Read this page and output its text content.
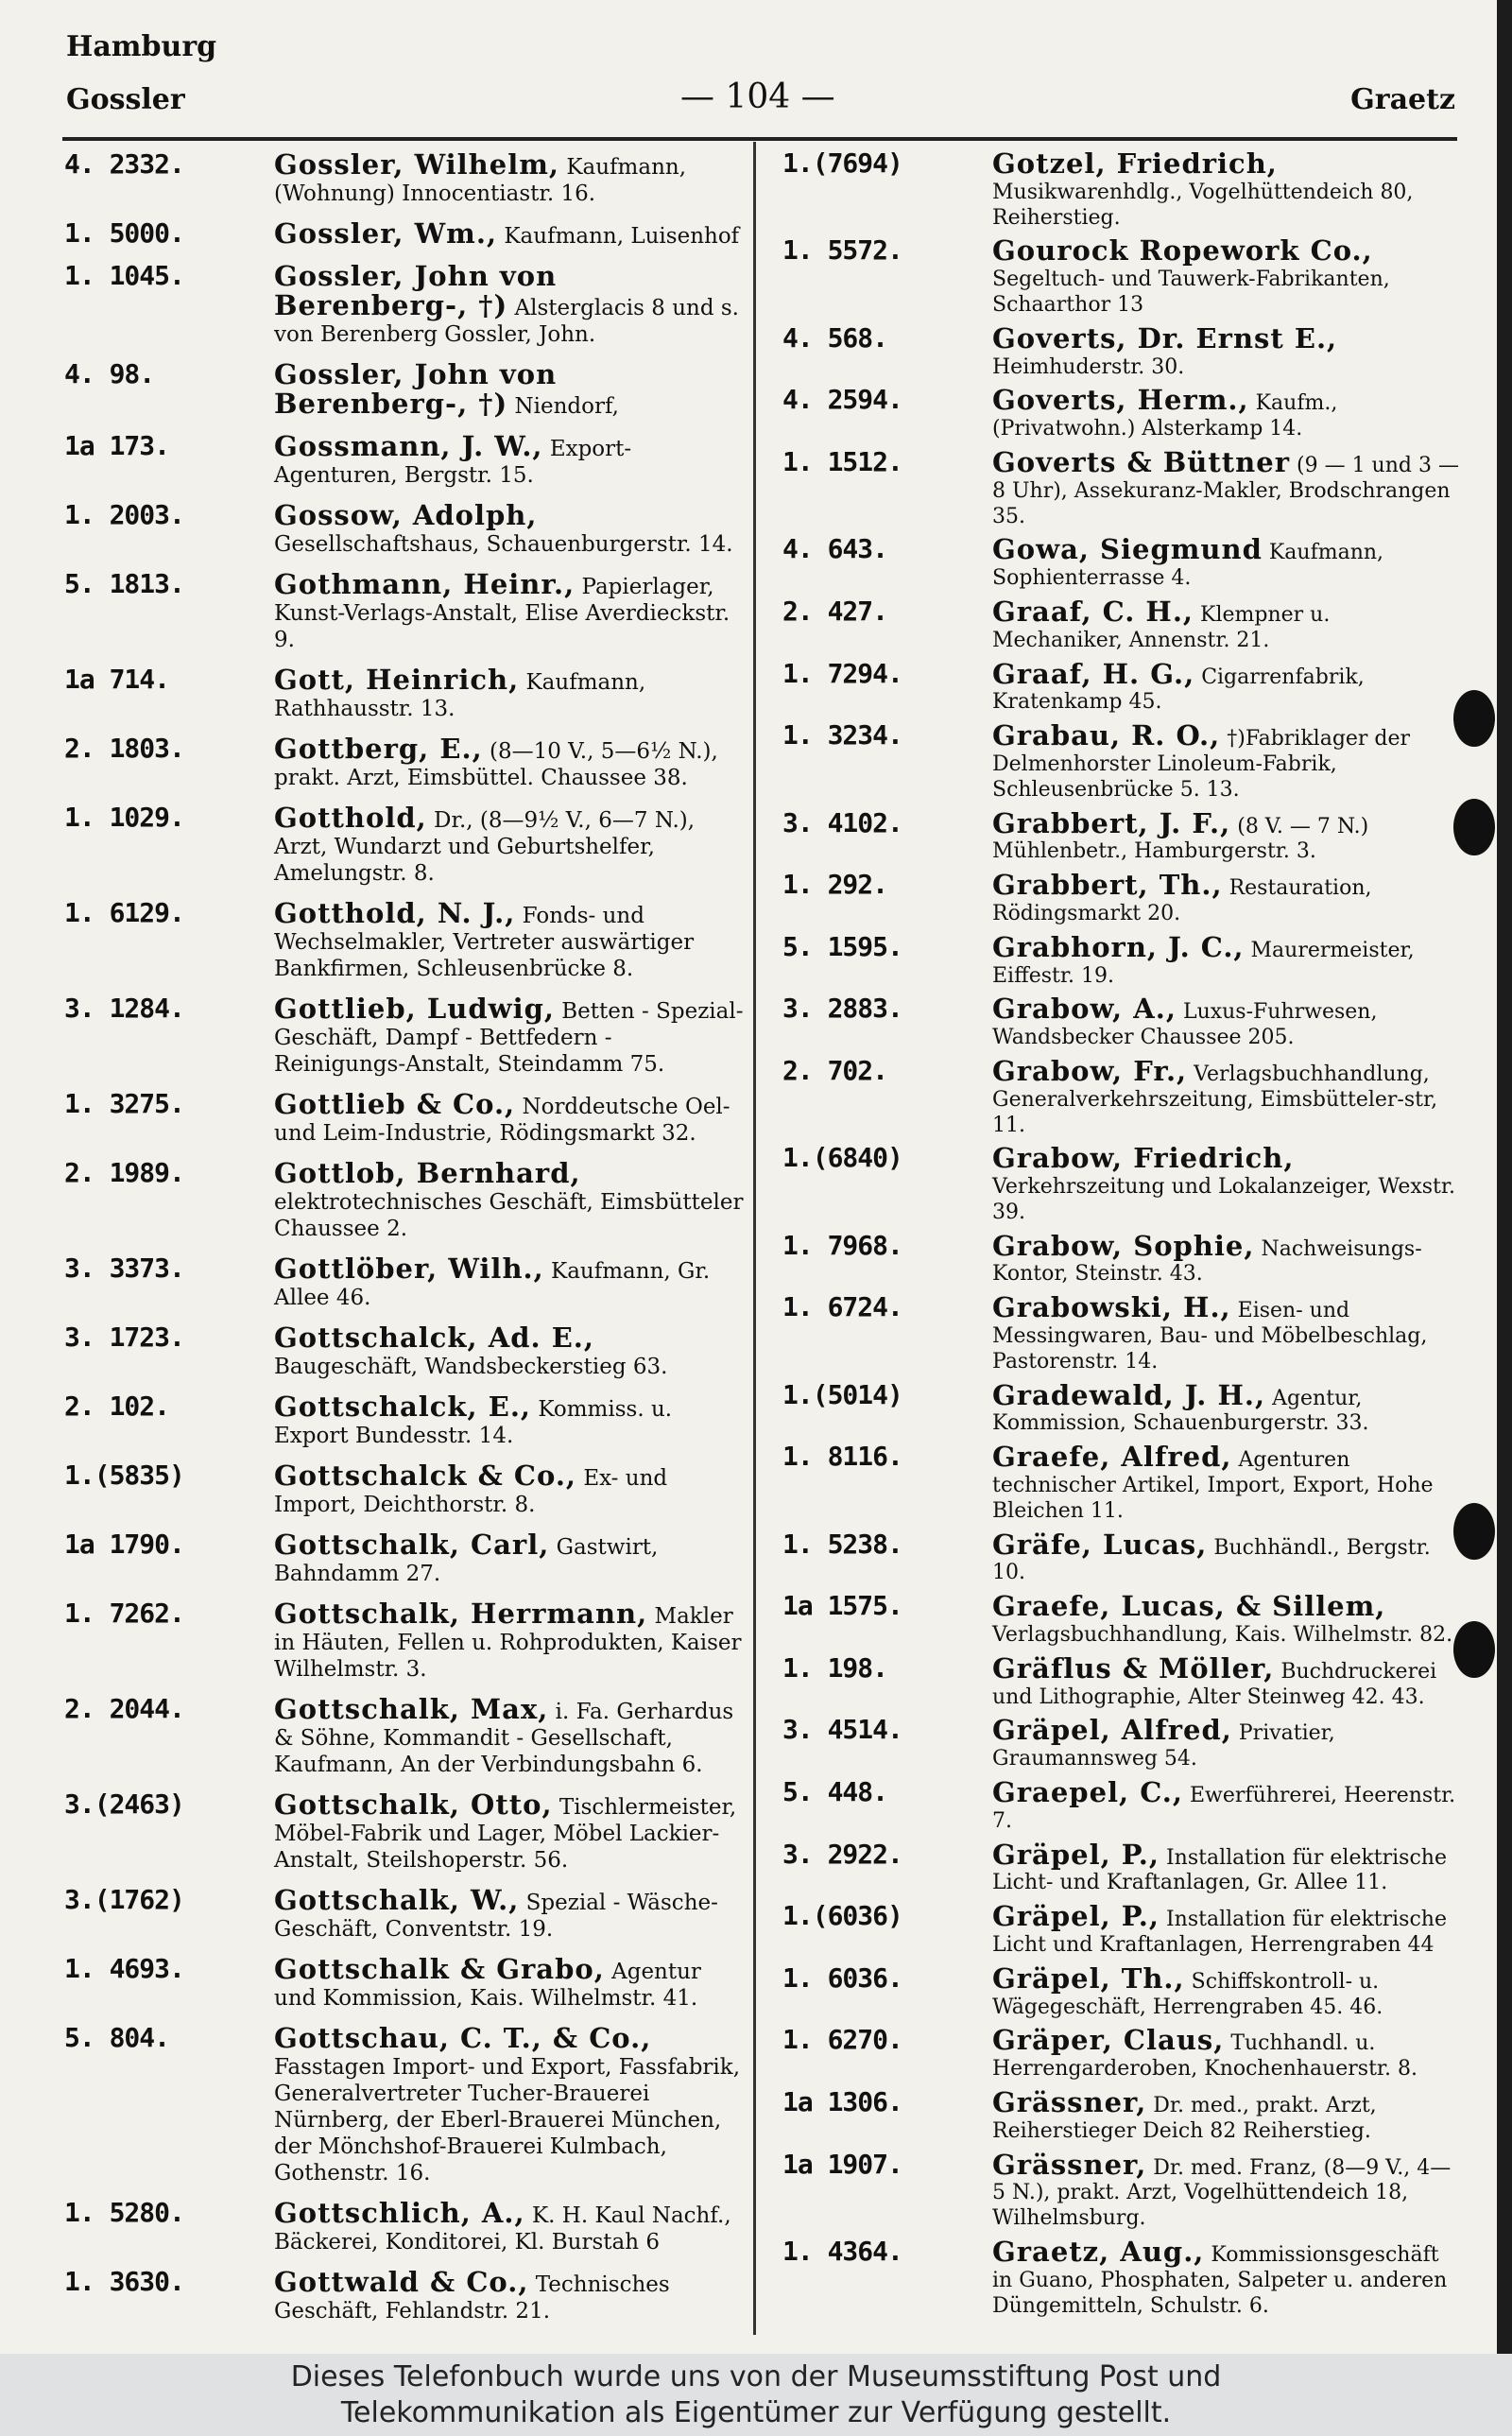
Hamburg
Gossler	— 104 —	Graetz
4. 2332.	Gossler, Wilhelm, Kaufmann, (Wohnung) Innocentiastr. 16.
1. 5000.	Gossler, Wm., Kaufmann, Luisenhof
1. 1045.	Gossler, John von Berenberg-, †) Alsterglacis 8 und s. von Berenberg Gossler, John.
4. 98.	Gossler, John von Berenberg-, †) Niendorf,
1a 173.	Gossmann, J. W., Export-Agenturen, Bergstr. 15.
1. 2003.	Gossow, Adolph, Gesellschaftshaus, Schauenburgerstr. 14.
5. 1813.	Gothmann, Heinr., Papierlager, Kunst-Verlags-Anstalt, Elise Averdieckstr. 9.
1a 714.	Gott, Heinrich, Kaufmann, Rathhausstr. 13.
2. 1803.	Gottberg, E., (8—10 V., 5—6½ N.), prakt. Arzt, Eimsbüttel. Chaussee 38.
1. 1029.	Gotthold, Dr., (8—9½ V., 6—7 N.), Arzt, Wundarzt und Geburtshelfer, Amelungstr. 8.
1. 6129.	Gotthold, N. J., Fonds- und Wechselmakler, Vertreter auswärtiger Bankfirmen, Schleusenbrücke 8.
3. 1284.	Gottlieb, Ludwig, Betten - Spezial-Geschäft, Dampf - Bettfedern - Reinigungs-Anstalt, Steindamm 75.
1. 3275.	Gottlieb & Co., Norddeutsche Oel- und Leim-Industrie, Rödingsmarkt 32.
2. 1989.	Gottlob, Bernhard, elektrotechnisches Geschäft, Eimsbütteler Chaussee 2.
3. 3373.	Gottlöber, Wilh., Kaufmann, Gr. Allee 46.
3. 1723.	Gottschalck, Ad. E., Baugeschäft, Wandsbeckerstieg 63.
2. 102.	Gottschalck, E., Kommiss. u. Export Bundesstr. 14.
1.(5835)	Gottschalck & Co., Ex- und Import, Deichthorstr. 8.
1a 1790.	Gottschalk, Carl, Gastwirt, Bahndamm 27.
1. 7262.	Gottschalk, Herrmann, Makler in Häuten, Fellen u. Rohprodukten, Kaiser Wilhelmstr. 3.
2. 2044.	Gottschalk, Max, i. Fa. Gerhardus & Söhne, Kommandit - Gesellschaft, Kaufmann, An der Verbindungsbahn 6.
3.(2463)	Gottschalk, Otto, Tischlermeister, Möbel-Fabrik und Lager, Möbel Lackier-Anstalt, Steilshoperstr. 56.
3.(1762)	Gottschalk, W., Spezial - Wäsche-Geschäft, Conventstr. 19.
1. 4693.	Gottschalk & Grabo, Agentur und Kommission, Kais. Wilhelmstr. 41.
5. 804.	Gottschau, C. T., & Co., Fasstagen Import- und Export, Fassfabrik, Generalvertreter Tucher-Brauerei Nürnberg, der Eberl-Brauerei München, der Mönchshof-Brauerei Kulmbach, Gothenstr. 16.
1. 5280.	Gottschlich, A., K. H. Kaul Nachf., Bäckerei, Konditorei, Kl. Burstah 6
1. 3630.	Gottwald & Co., Technisches Geschäft, Fehlandstr. 21.
1.(7694)	Gotzel, Friedrich, Musikwarenhdlg., Vogelhüttendeich 80, Reiherstieg.
1. 5572.	Gourock Ropework Co., Segeltuch- und Tauwerk-Fabrikanten, Schaarthor 13
4. 568.	Goverts, Dr. Ernst E., Heimhuderstr. 30.
4. 2594.	Goverts, Herm., Kaufm., (Privatwohn.) Alsterkamp 14.
1. 1512.	Goverts & Büttner (9 — 1 und 3 — 8 Uhr), Assekuranz-Makler, Brodschrangen 35.
4. 643.	Gowa, Siegmund Kaufmann, Sophienterrasse 4.
2. 427.	Graaf, C. H., Klempner u. Mechaniker, Annenstr. 21.
1. 7294.	Graaf, H. G., Cigarrenfabrik, Kratenkamp 45.
1. 3234.	Grabau, R. O., †)Fabriklager der Delmenhorster Linoleum-Fabrik, Schleusenbrücke 5. 13.
3. 4102.	Grabbert, J. F., (8 V. — 7 N.) Mühlenbetr., Hamburgerstr. 3.
1. 292.	Grabbert, Th., Restauration, Rödingsmarkt 20.
5. 1595.	Grabhorn, J. C., Maurermeister, Eiffestr. 19.
3. 2883.	Grabow, A., Luxus-Fuhrwesen, Wandsbecker Chaussee 205.
2. 702.	Grabow, Fr., Verlagsbuchhandlung, Generalverkehrszeitung, Eimsbütteler-str, 11.
1.(6840)	Grabow, Friedrich, Verkehrszeitung und Lokalanzeiger, Wexstr. 39.
1. 7968.	Grabow, Sophie, Nachweisungs-Kontor, Steinstr. 43.
1. 6724.	Grabowski, H., Eisen- und Messingwaren, Bau- und Möbelbeschlag, Pastorenstr. 14.
1.(5014)	Gradewald, J. H., Agentur, Kommission, Schauenburgerstr. 33.
1. 8116.	Graefe, Alfred, Agenturen technischer Artikel, Import, Export, Hohe Bleichen 11.
1. 5238.	Gräfe, Lucas, Buchhändl., Bergstr. 10.
1a 1575.	Graefe, Lucas, & Sillem, Verlagsbuchhandlung, Kais. Wilhelmstr. 82.
1. 198.	Gräflus & Möller, Buchdruckerei und Lithographie, Alter Steinweg 42. 43.
3. 4514.	Gräpel, Alfred, Privatier, Graumannsweg 54.
5. 448.	Graepel, C., Ewerführerei, Heerenstr. 7.
3. 2922.	Gräpel, P., Installation für elektrische Licht- und Kraftanlagen, Gr. Allee 11.
1.(6036)	Gräpel, P., Installation für elektrische Licht und Kraftanlagen, Herrengraben 44
1. 6036.	Gräpel, Th., Schiffskontroll- u. Wägegeschäft, Herrengraben 45. 46.
1. 6270.	Gräper, Claus, Tuchhandl. u. Herrengarderoben, Knochenhauerstr. 8.
1a 1306.	Grässner, Dr. med., prakt. Arzt, Reiherstieger Deich 82 Reiherstieg.
1a 1907.	Grässner, Dr. med. Franz, (8—9 V., 4—5 N.), prakt. Arzt, Vogelhüttendeich 18, Wilhelmsburg.
1. 4364.	Graetz, Aug., Kommissionsgeschäft in Guano, Phosphaten, Salpeter u. anderen Düngemitteln, Schulstr. 6.
Dieses Telefonbuch wurde uns von der Museumsstiftung Post und
Telekommunikation als Eigentümer zur Verfügung gestellt.
